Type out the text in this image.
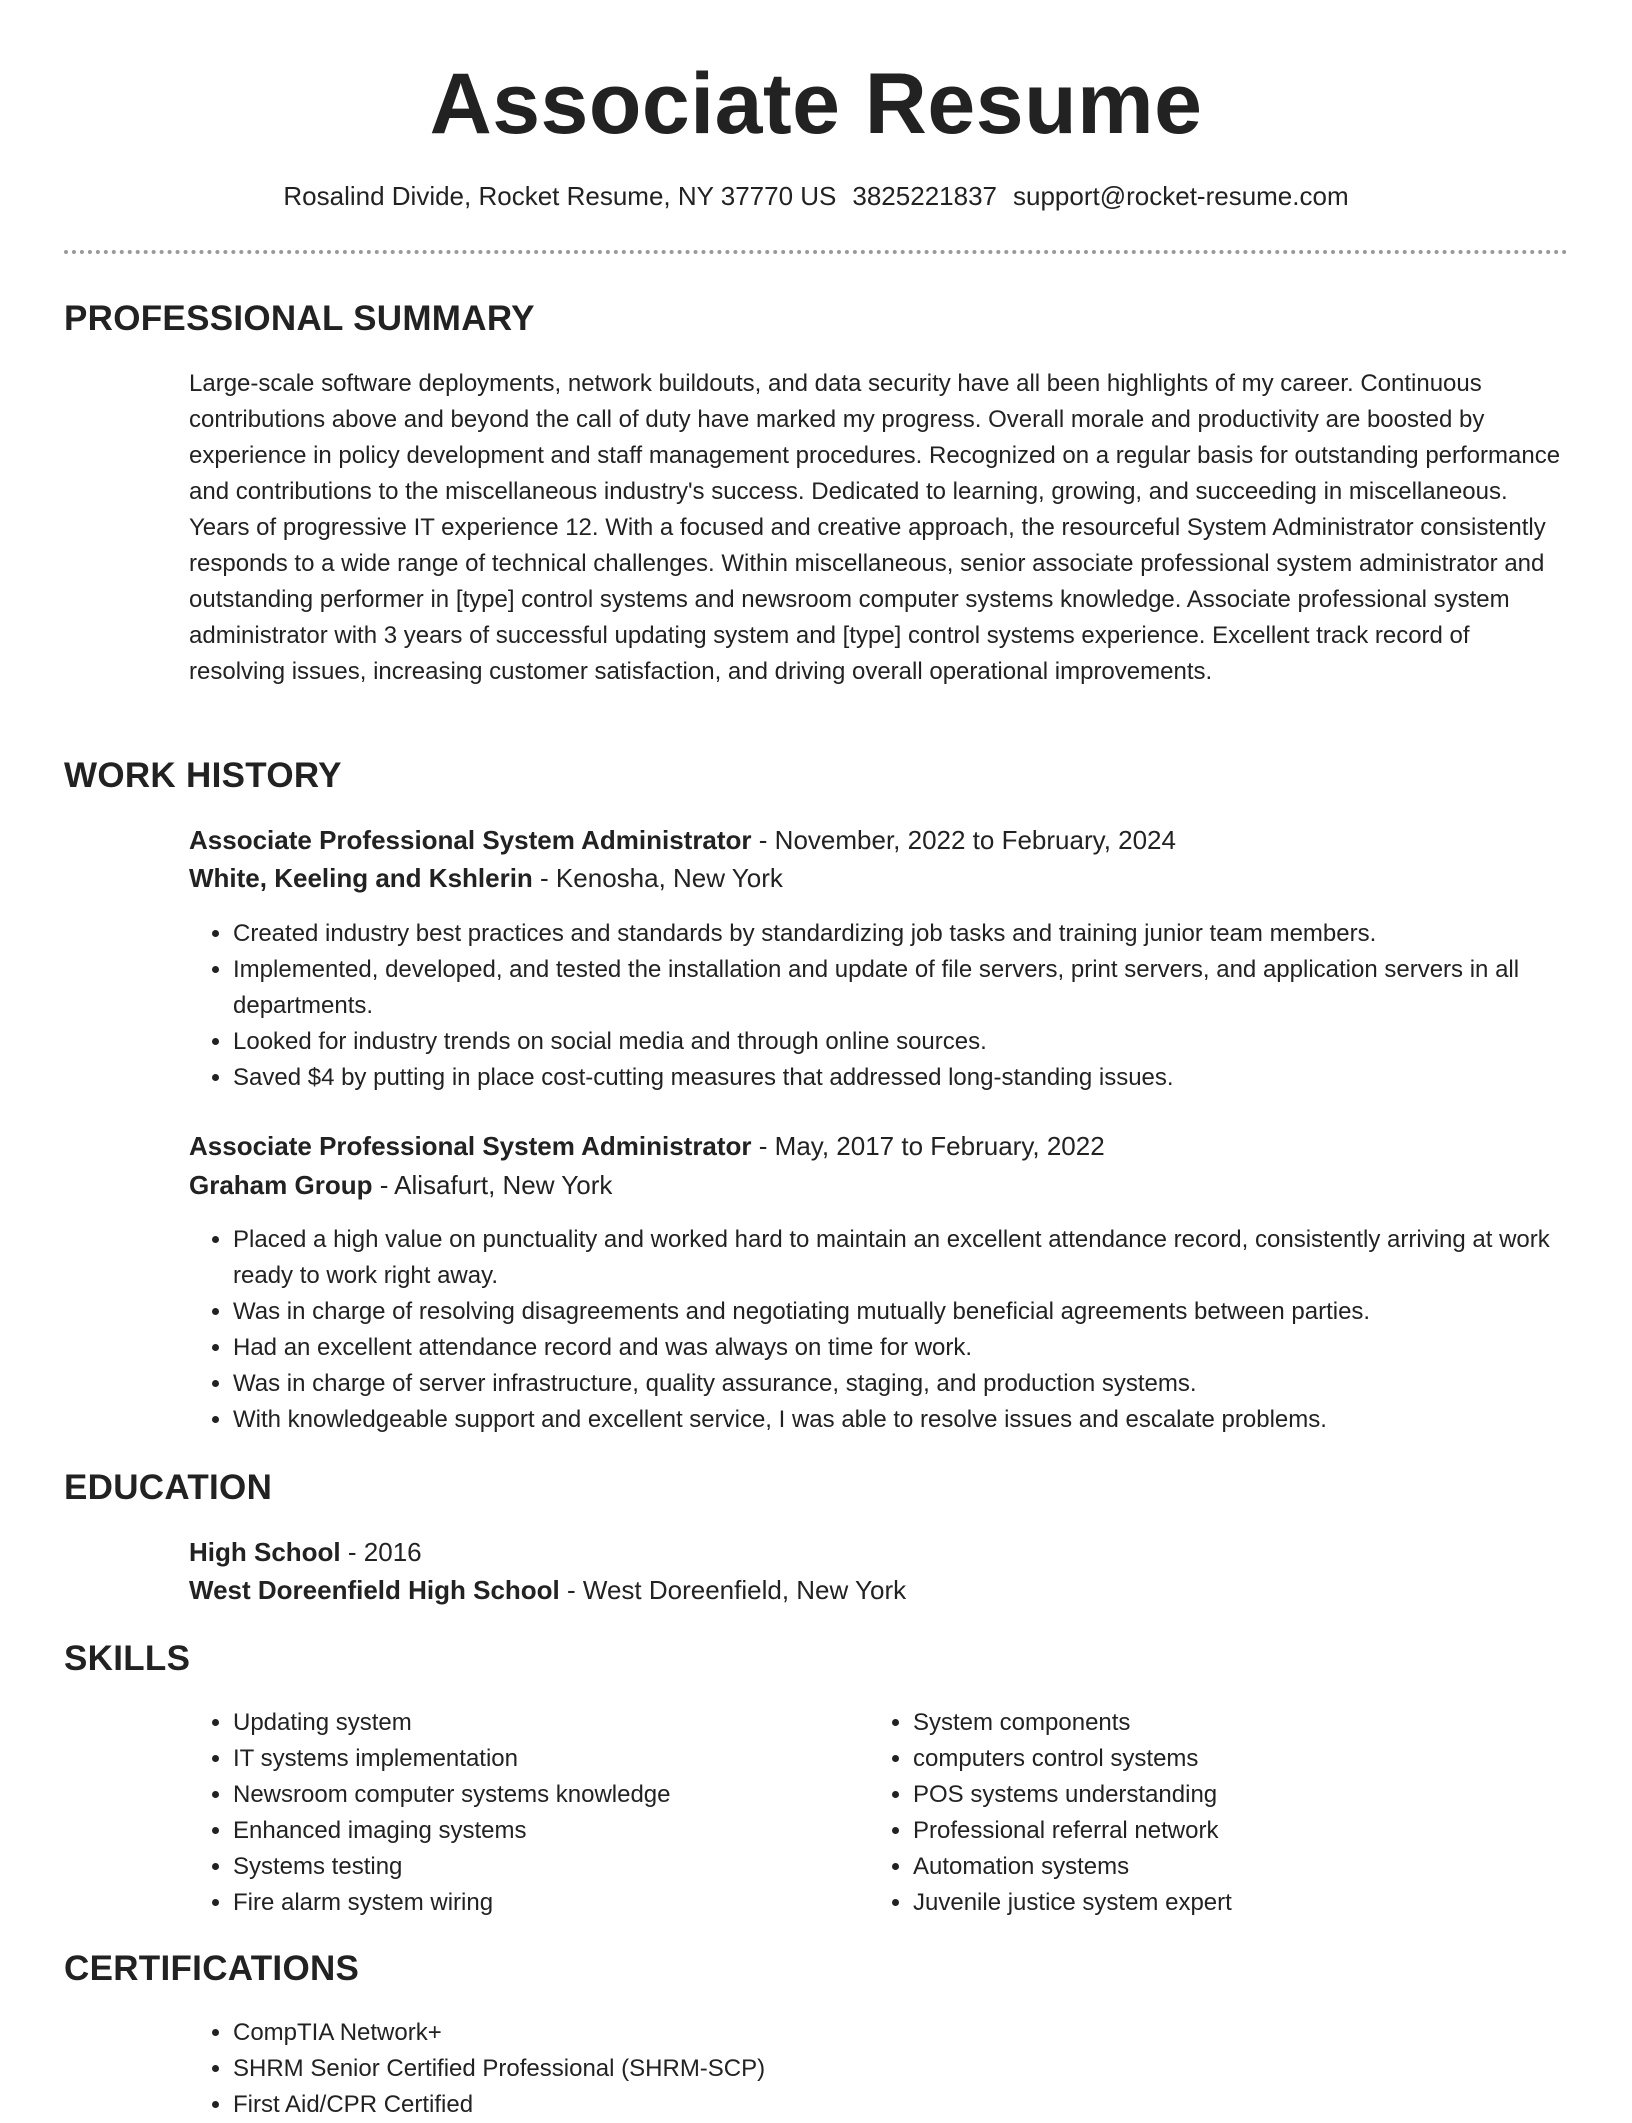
Associate Resume
Rosalind Divide, Rocket Resume, NY 37770 US 3825221837 support@rocket-resume.com
PROFESSIONAL SUMMARY

Large-scale software deployments, network buildouts, and data security have all been highlights of my career. Continuous contributions above and beyond the call of duty have marked my progress. Overall morale and productivity are boosted by experience in policy development and staff management procedures. Recognized on a regular basis for outstanding performance and contributions to the miscellaneous industry's success. Dedicated to learning, growing, and succeeding in miscellaneous. Years of progressive IT experience 12. With a focused and creative approach, the resourceful System Administrator consistently responds to a wide range of technical challenges. Within miscellaneous, senior associate professional system administrator and outstanding performer in [type] control systems and newsroom computer systems knowledge. Associate professional system administrator with 3 years of successful updating system and [type] control systems experience. Excellent track record of resolving issues, increasing customer satisfaction, and driving overall operational improvements.

WORK HISTORY
Associate Professional System Administrator - November, 2022 to February, 2024
White, Keeling and Kshlerin - Kenosha, New York
• Created industry best practices and standards by standardizing job tasks and training junior team members.
• Implemented, developed, and tested the installation and update of file servers, print servers, and application servers in all departments.
• Looked for industry trends on social media and through online sources.
• Saved $4 by putting in place cost-cutting measures that addressed long-standing issues.
Associate Professional System Administrator - May, 2017 to February, 2022
Graham Group - Alisafurt, New York
• Placed a high value on punctuality and worked hard to maintain an excellent attendance record, consistently arriving at work ready to work right away.
• Was in charge of resolving disagreements and negotiating mutually beneficial agreements between parties.
• Had an excellent attendance record and was always on time for work.
• Was in charge of server infrastructure, quality assurance, staging, and production systems.
• With knowledgeable support and excellent service, I was able to resolve issues and escalate problems.
EDUCATION
High School - 2016
West Doreenfield High School - West Doreenfield, New York
SKILLS
• Updating system
• IT systems implementation
• Newsroom computer systems knowledge
• Enhanced imaging systems
• Systems testing
• Fire alarm system wiring
• System components
• computers control systems
• POS systems understanding
• Professional referral network
• Automation systems
• Juvenile justice system expert
CERTIFICATIONS
• CompTIA Network+
• SHRM Senior Certified Professional (SHRM-SCP)
• First Aid/CPR Certified
